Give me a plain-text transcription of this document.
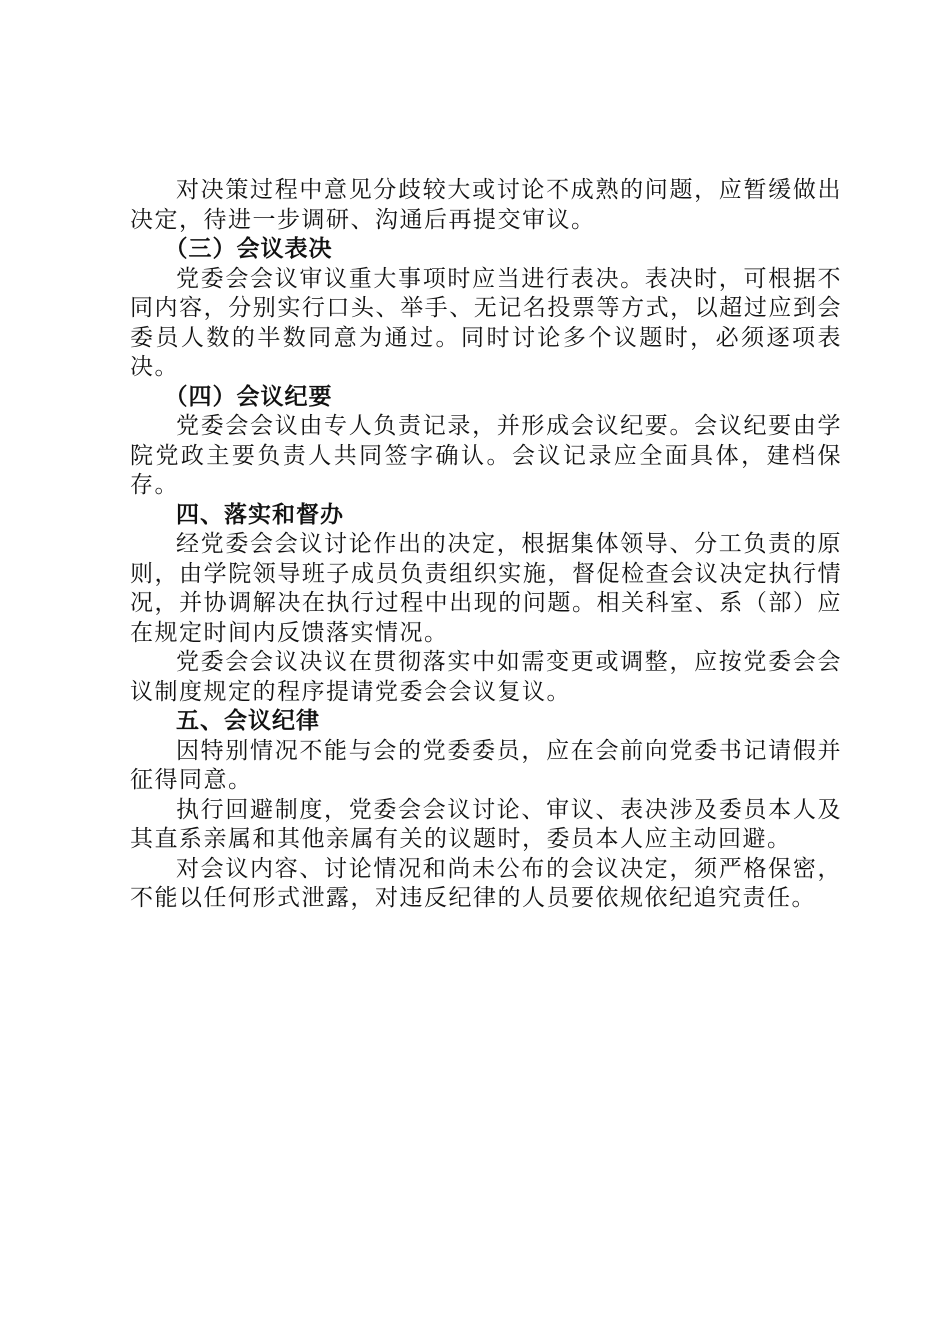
对决策过程中意见分歧较大或讨论不成熟的问题，应暂缓做出决定，待进一步调研、沟通后再提交审议。

（三）会议表决

党委会会议审议重大事项时应当进行表决。表决时，可根据不同内容，分别实行口头、举手、无记名投票等方式，以超过应到会委员人数的半数同意为通过。同时讨论多个议题时，必须逐项表决。

（四）会议纪要

党委会会议由专人负责记录，并形成会议纪要。会议纪要由学院党政主要负责人共同签字确认。会议记录应全面具体，建档保存。

四、落实和督办

经党委会会议讨论作出的决定，根据集体领导、分工负责的原则，由学院领导班子成员负责组织实施，督促检查会议决定执行情况，并协调解决在执行过程中出现的问题。相关科室、系（部）应在规定时间内反馈落实情况。

党委会会议决议在贯彻落实中如需变更或调整，应按党委会会议制度规定的程序提请党委会会议复议。

五、会议纪律

因特别情况不能与会的党委委员，应在会前向党委书记请假并征得同意。

执行回避制度，党委会会议讨论、审议、表决涉及委员本人及其直系亲属和其他亲属有关的议题时，委员本人应主动回避。

对会议内容、讨论情况和尚未公布的会议决定，须严格保密，不能以任何形式泄露，对违反纪律的人员要依规依纪追究责任。
